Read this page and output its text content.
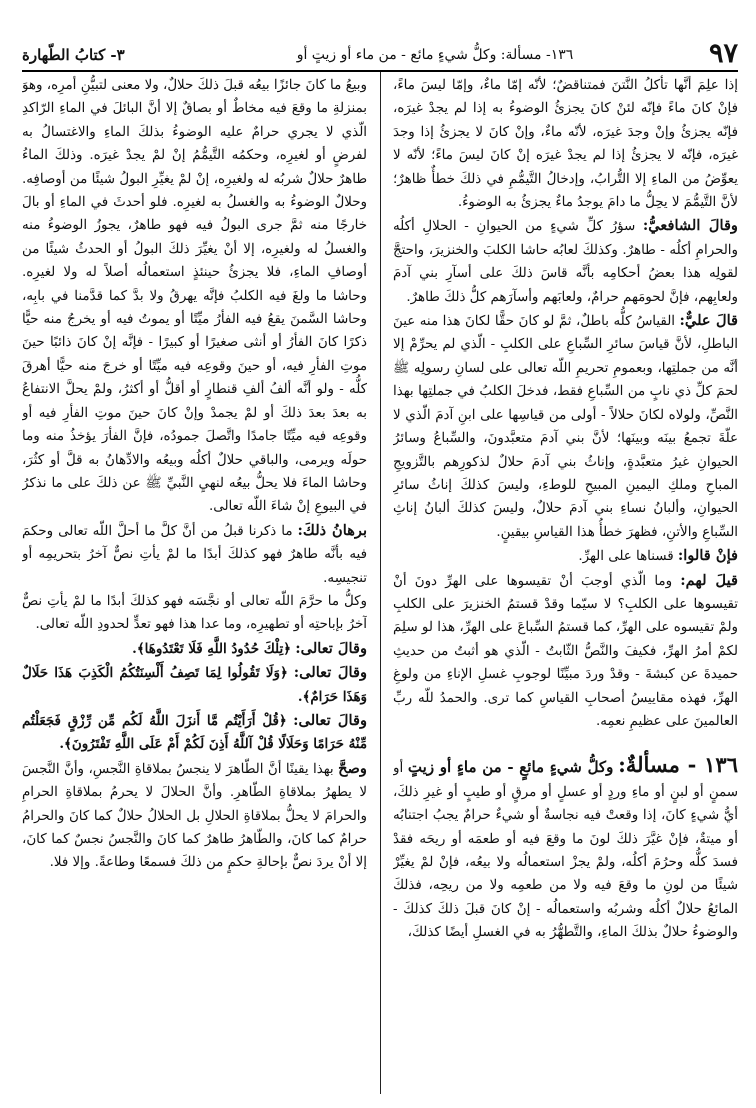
٩٧
١٣٦- مسألة: وكلُّ شيءٍ مائع - من ماء أو زيتٍ أو
٣- كتابُ الطّهارة

إذا علِمَ أنَّها تأكلُ النَّتنَ فمتناقضٌ؛ لأنّه إمّا ماءٌ، وإمّا ليسَ ماءً، فإنْ كانَ ماءً فإنّه لئنْ كانَ يجزئُ الوضوءُ به إذا لم يجدْ غيرَه، فإنّه يجزئُ وإنْ وجدَ غيرَه، لأنّه ماءٌ، وإنْ كانَ لا يجزئُ إذا وجدَ غيرَه، فإنّه لا يجزئُ إذا لم يجدْ غيرَه إنْ كانَ ليسَ ماءً؛ لأنّه لا يعوِّضُ من الماءِ إلا التُّرابُ، وإدخالُ التَّيمُّمِ في ذلكَ خطأٌ ظاهرٌ؛ لأنَّ التَّيمُّمَ لا يحِلُّ ما دامَ يوجدُ ماءٌ يجزئُ به الوضوءُ.

وقالَ الشافعيُّ: سؤرُ كلِّ شيءٍ من الحيوانِ - الحلالِ أكلُه والحرامِ أكلُه - طاهرٌ. وكذلكَ لعابُه حاشا الكلبَ والخنزيرَ، واحتجَّ لقولِه هذا بعضُ أحكامِه بأنَّه قاسَ ذلكَ على أسآرِ بني آدمَ ولعابِهم، فإنَّ لحومَهم حرامٌ، ولعابَهم وأسآرَهم كلُّ ذلكَ طاهرٌ.

قالَ عليٌّ: القياسُ كلُّه باطلٌ، ثمَّ لو كانَ حقًّا لكانَ هذا منه عينَ الباطلِ، لأنَّ قياسَ سائرِ السِّباعِ على الكلبِ - الّذي لم يحرِّمْ إلا أنَّه من جملتِها، وبعمومِ تحريمِ اللّه تعالى على لسانِ رسولِه ﷺ لحمَ كلِّ ذي نابٍ من السِّباعِ فقط، فدخلَ الكلبُ في جملتِها بهذا النَّصِّ، ولولاه لكانَ حلالاً - أولى من قياسِها على ابنِ آدمَ الّذي لا علّةَ تجمعُ بينَه وبينَها؛ لأنَّ بني آدمَ متعبَّدونَ، والسِّباعُ وسائرُ الحيوانِ غيرُ متعبَّدةٍ، وإناثُ بني آدمَ حلالٌ لذكورِهم بالتَّزويجِ المباحِ وملكِ اليمينِ المبيحِ للوطءِ، وليسَ كذلكَ إناثُ سائرِ الحيوانِ، وألبانُ نساءِ بني آدمَ حلالٌ، وليسَ كذلكَ ألبانُ إناثِ السِّباعِ والأتنِ، فظهرَ خطأُ هذا القياسِ بيقينٍ.

فإنْ قالوا: قسناها على الهرِّ.

قيلَ لهم: وما الّذي أوجبَ أنْ تقيسوها على الهرِّ دونَ أنْ تقيسوها على الكلبِ؟ لا سيّما وقدْ قستمُ الخنزيرَ على الكلبِ ولمْ تقيسوه على الهرِّ، كما قستمُ السِّباعَ على الهرِّ، هذا لو سلِمَ لكمْ أمرُ الهرِّ، فكيفَ والنَّصُّ الثّابتُ - الّذي هو أثبتُ من حديثِ حميدةَ عن كبشةَ - وقدْ وردَ مبيِّنًا لوجوبِ غسلِ الإناءِ من ولوغِ الهرِّ، فهذه مقاييسُ أصحابِ القياسِ كما ترى. والحمدُ للّه ربِّ العالمينَ على عظيمِ نعمِه.

١٣٦ - مسألةٌ: وكلُّ شيءٍ مائعٍ - من ماءٍ أو زيتٍ أو سمنٍ أو لبنٍ أو ماءِ وردٍ أو عسلٍ أو مرقٍ أو طيبٍ أو غيرِ ذلكَ، أيُّ شيءٍ كانَ، إذا وقعتْ فيه نجاسةٌ أو شيءٌ حرامٌ يجبُ اجتنابُه أو ميتةٌ، فإنْ غيَّرَ ذلكَ لونَ ما وقعَ فيه أو طعمَه أو ريحَه فقدْ فسدَ كلُّه وحرُمَ أكلُه، ولمْ يجزْ استعمالُه ولا بيعُه، فإنْ لمْ يغيِّرْ شيئًا من لونِ ما وقعَ فيه ولا من طعمِه ولا من ريحِه، فذلكَ المائعُ حلالٌ أكلُه وشربُه واستعمالُه - إنْ كانَ قبلَ ذلكَ كذلكَ - والوضوءُ حلالٌ بذلكَ الماءِ، والتَّطهُّرُ به في الغسلِ أيضًا كذلكَ،

وبيعُ ما كانَ جائزًا بيعُه قبلَ ذلكَ حلالٌ، ولا معنى لتبيُّنِ أمرِه، وهوَ بمنزلةِ ما وقعَ فيه مخاطٌ أو بصاقٌ إلا أنَّ البائلَ في الماءِ الرّاكدِ الّذي لا يجري حرامٌ عليه الوضوءُ بذلكَ الماءِ والاغتسالُ به لفرضٍ أو لغيرِه، وحكمُه التَّيمُّمُ إنْ لمْ يجدْ غيرَه. وذلكَ الماءُ طاهرٌ حلالٌ شربُه له ولغيرِه، إنْ لمْ يغيِّرِ البولُ شيئًا من أوصافِه. وحلالٌ الوضوءُ به والغسلُ به لغيرِه. فلو أحدثَ في الماءِ أو بالَ خارجًا منه ثمَّ جرى البولُ فيه فهو طاهرٌ، يجوزُ الوضوءُ منه والغسلُ له ولغيرِه، إلا أنْ يغيِّرَ ذلكَ البولُ أو الحدثُ شيئًا من أوصافِ الماءِ، فلا يجزئُ حينئذٍ استعمالُه أصلاً له ولا لغيرِه. وحاشا ما ولغَ فيه الكلبُ فإنَّه يهرقُ ولا بدَّ كما قدَّمنا في بابِه، وحاشا السَّمنَ يقعُ فيه الفأرُ ميِّتًا أو يموتُ فيه أو يخرجُ منه حيًّا ذكرًا كانَ الفأرُ أو أنثى صغيرًا أو كبيرًا - فإنَّه إنْ كانَ ذائبًا حينَ موتِ الفأرِ فيه، أو حينَ وقوعِه فيه ميِّتًا أو خرجَ منه حيًّا أهرقَ كلُّه - ولو أنَّه ألفُ ألفِ قنطارٍ أو أقلُّ أو أكثرُ، ولمْ يحلَّ الانتفاعُ به بعدَ بعدَ ذلكَ أو لمْ يجمدْ وإنْ كانَ حينَ موتِ الفأرِ فيه أو وقوعِه فيه ميِّتًا جامدًا واتَّصلَ جمودُه، فإنَّ الفأرَ يؤخذُ منه وما حولَه ويرمى، والباقي حلالٌ أكلُه وبيعُه والادِّهانُ به قلَّ أو كثُرَ، وحاشا الماءَ فلا يحلُّ بيعُه لنهيِ النَّبيِّ ﷺ عن ذلكَ على ما نذكرُ في البيوعِ إنْ شاءَ اللّه تعالى.

برهانُ ذلكَ: ما ذكرنا قبلُ من أنَّ كلَّ ما أحلَّ اللّه تعالى وحكمَ فيه بأنَّه طاهرٌ فهو كذلكَ أبدًا ما لمْ يأتِ نصٌّ آخرُ بتحريمِه أو تنجيسِه.

وكلُّ ما حرَّمَ اللّه تعالى أو نجَّسَه فهو كذلكَ أبدًا ما لمْ يأتِ نصٌّ آخرُ بإباحتِه أو تطهيرِه، وما عدا هذا فهو تعدٍّ لحدودِ اللّه تعالى.

وقالَ تعالى: ﴿تِلْكَ حُدُودُ اللَّهِ فَلَا تَعْتَدُوهَا﴾.

وقالَ تعالى: ﴿وَلَا تَقُولُوا لِمَا تَصِفُ أَلْسِنَتُكُمُ الْكَذِبَ هَذَا حَلَالٌ وَهَذَا حَرَامٌ﴾.

وقالَ تعالى: ﴿قُلْ أَرَأَيْتُم مَّا أَنزَلَ اللَّهُ لَكُم مِّن رِّزْقٍ فَجَعَلْتُم مِّنْهُ حَرَامًا وَحَلَالًا قُلْ آللَّهُ أَذِنَ لَكُمْ أَمْ عَلَى اللَّهِ تَفْتَرُونَ﴾.

وصحَّ بهذا يقينًا أنَّ الطّاهرَ لا ينجسُ بملاقاةِ النَّجسِ، وأنَّ النَّجسَ لا يطهرُ بملاقاةِ الطّاهرِ. وأنَّ الحلالَ لا يحرمُ بملاقاةِ الحرامِ والحرامَ لا يحلُّ بملاقاةِ الحلالِ بل الحلالُ حلالٌ كما كانَ والحرامُ حرامٌ كما كانَ، والطّاهرُ طاهرٌ كما كانَ والنَّجسُ نجسٌ كما كانَ، إلا أنْ يردَ نصٌّ بإحالةِ حكمٍ من ذلكَ فسمعًا وطاعةً. وإلا فلا.
